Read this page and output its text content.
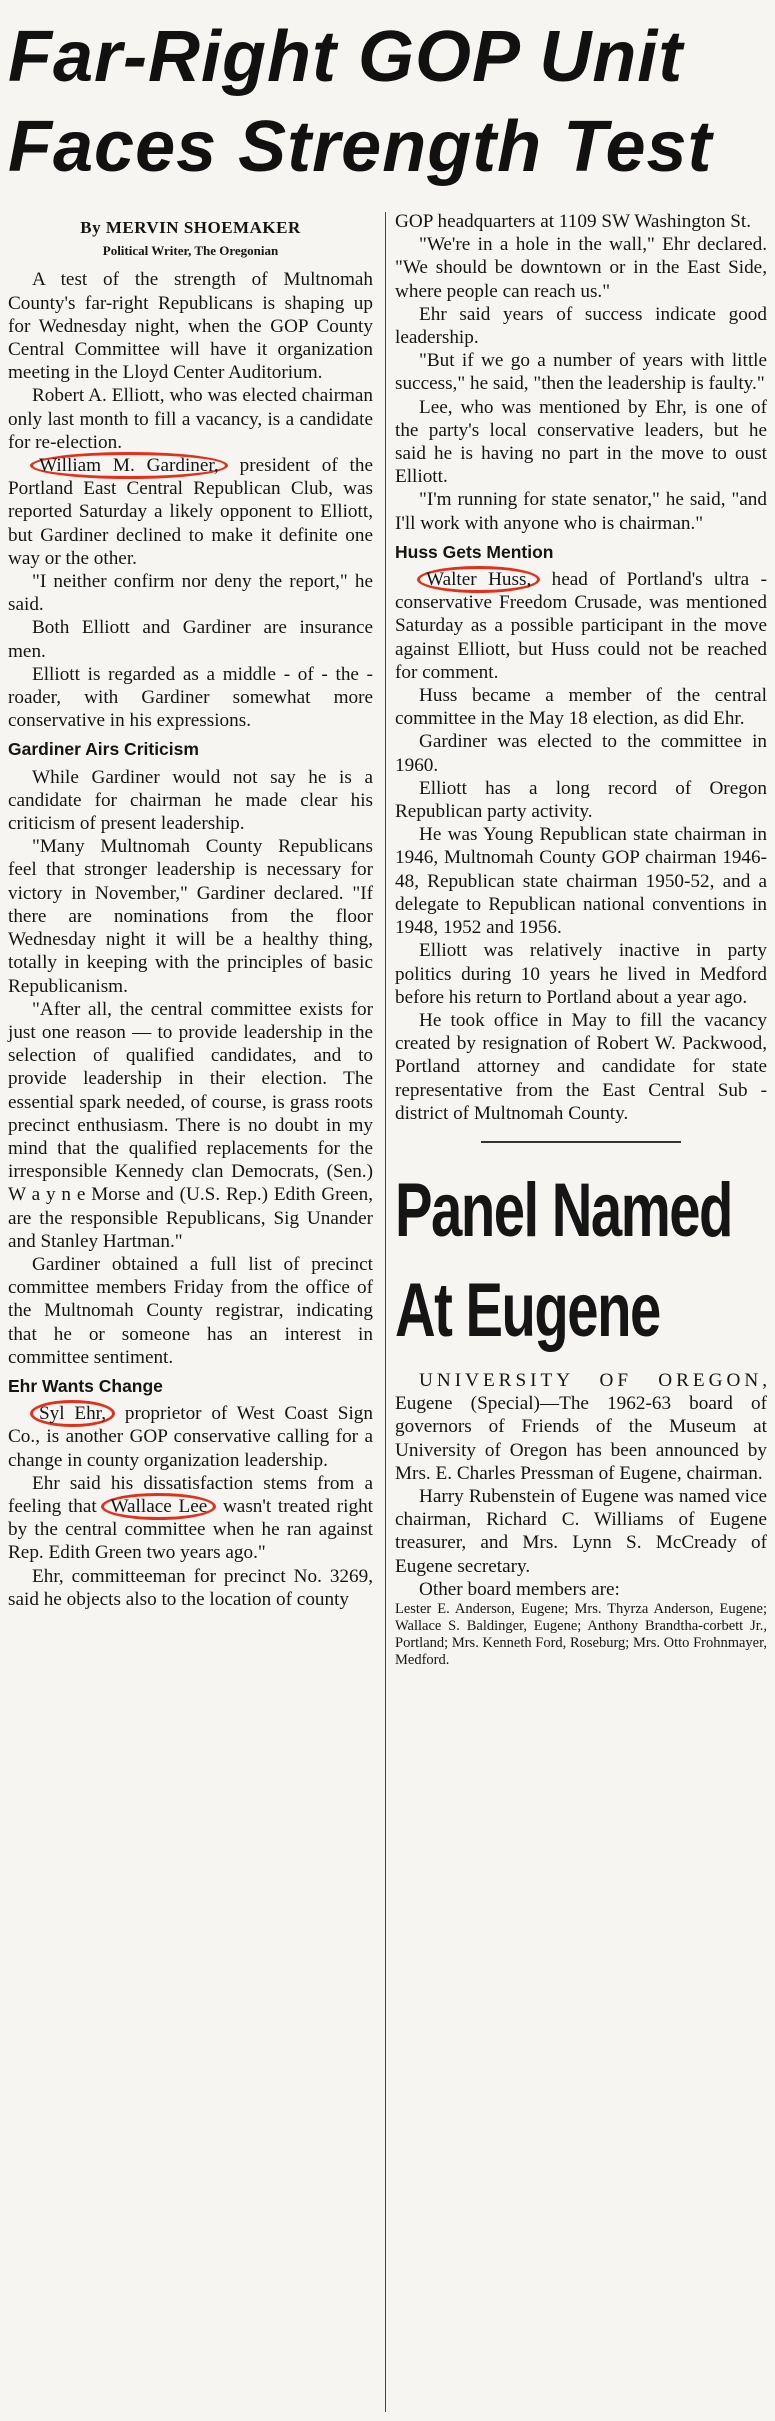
Far-Right GOP Unit
Faces Strength Test

By MERVIN SHOEMAKER

Political Writer, The Oregonian

A test of the strength of Multnomah County's far-right Republicans is shaping up for Wednesday night, when the GOP County Central Committee will have it organization meeting in the Lloyd Center Auditorium.

Robert A. Elliott, who was elected chairman only last month to fill a vacancy, is a candidate for re-election.

William M. Gardiner, president of the Portland East Central Republican Club, was reported Saturday a likely opponent to Elliott, but Gardiner declined to make it definite one way or the other.

"I neither confirm nor deny the report," he said.

Both Elliott and Gardiner are insurance men.

Elliott is regarded as a middle - of - the - roader, with Gardiner somewhat more conservative in his expressions.

Gardiner Airs Criticism

While Gardiner would not say he is a candidate for chairman he made clear his criticism of present leadership.

"Many Multnomah County Republicans feel that stronger leadership is necessary for victory in November," Gardiner declared. "If there are nominations from the floor Wednesday night it will be a healthy thing, totally in keeping with the principles of basic Republicanism.

"After all, the central committee exists for just one reason — to provide leadership in the selection of qualified candidates, and to provide leadership in their election. The essential spark needed, of course, is grass roots precinct enthusiasm. There is no doubt in my mind that the qualified replacements for the irresponsible Kennedy clan Democrats, (Sen.) W a y n e Morse and (U.S. Rep.) Edith Green, are the responsible Republicans, Sig Unander and Stanley Hartman."

Gardiner obtained a full list of precinct committee members Friday from the office of the Multnomah County registrar, indicating that he or someone has an interest in committee sentiment.

Ehr Wants Change

Syl Ehr, proprietor of West Coast Sign Co., is another GOP conservative calling for a change in county organization leadership.

Ehr said his dissatisfaction stems from a feeling that Wallace Lee wasn't treated right by the central committee when he ran against Rep. Edith Green two years ago."

Ehr, committeeman for precinct No. 3269, said he objects also to the location of county

GOP headquarters at 1109 SW Washington St.

"We're in a hole in the wall," Ehr declared. "We should be downtown or in the East Side, where people can reach us."

Ehr said years of success indicate good leadership.

"But if we go a number of years with little success," he said, "then the leadership is faulty."

Lee, who was mentioned by Ehr, is one of the party's local conservative leaders, but he said he is having no part in the move to oust Elliott.

"I'm running for state senator," he said, "and I'll work with anyone who is chairman."

Huss Gets Mention

Walter Huss, head of Portland's ultra - conservative Freedom Crusade, was mentioned Saturday as a possible participant in the move against Elliott, but Huss could not be reached for comment.

Huss became a member of the central committee in the May 18 election, as did Ehr.

Gardiner was elected to the committee in 1960.

Elliott has a long record of Oregon Republican party activity.

He was Young Republican state chairman in 1946, Multnomah County GOP chairman 1946-48, Republican state chairman 1950-52, and a delegate to Republican national conventions in 1948, 1952 and 1956.

Elliott was relatively inactive in party politics during 10 years he lived in Medford before his return to Portland about a year ago.

He took office in May to fill the vacancy created by resignation of Robert W. Packwood, Portland attorney and candidate for state representative from the East Central Sub - district of Multnomah County.

Panel Named
At Eugene

UNIVERSITY OF OREGON, Eugene (Special)—The 1962-63 board of governors of Friends of the Museum at University of Oregon has been announced by Mrs. E. Charles Pressman of Eugene, chairman.

Harry Rubenstein of Eugene was named vice chairman, Richard C. Williams of Eugene treasurer, and Mrs. Lynn S. McCready of Eugene secretary.

Other board members are:

Lester E. Anderson, Eugene; Mrs. Thyrza Anderson, Eugene; Wallace S. Baldinger, Eugene; Anthony Brandtha-corbett Jr., Portland; Mrs. Kenneth Ford, Roseburg; Mrs. Otto Frohnmayer, Medford.
